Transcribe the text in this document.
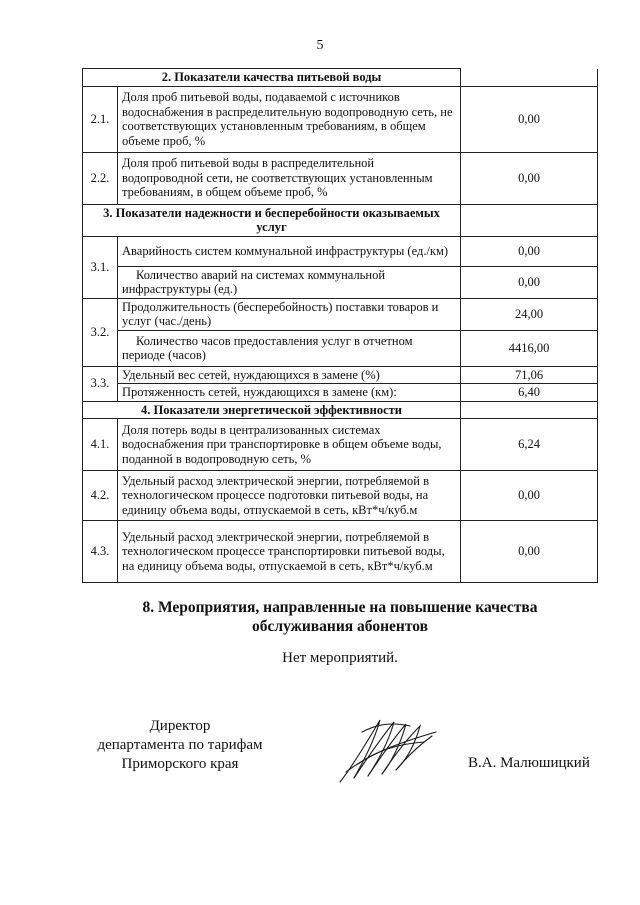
5
2. Показатели качества питьевой воды		
2.1.	Доля проб питьевой воды, подаваемой с источников водоснабжения в распределительную водопроводную сеть, не соответствующих установленным требованиям, в общем объеме проб, %	0,00
2.2.	Доля проб питьевой воды в распределительной водопроводной сети, не соответствующих установленным требованиям, в общем объеме проб, %	0,00
3. Показатели надежности и бесперебойности оказываемых услуг		
3.1.	Аварийность систем коммунальной инфраструктуры (ед./км)	0,00
	Количество аварий на системах коммунальной инфраструктуры (ед.)	0,00
3.2.	Продолжительность (бесперебойность) поставки товаров и услуг (час./день)	24,00
	Количество часов предоставления услуг в отчетном периоде (часов)	4416,00
3.3.	Удельный вес сетей, нуждающихся в замене (%)	71,06
	Протяженность сетей, нуждающихся в замене (км):	6,40
4. Показатели энергетической эффективности		
4.1.	Доля потерь воды в централизованных системах водоснабжения при транспортировке в общем объеме воды, поданной в водопроводную сеть, %	6,24
4.2.	Удельный расход электрической энергии, потребляемой в технологическом процессе подготовки питьевой воды, на единицу объема воды, отпускаемой в сеть, кВт*ч/куб.м	0,00
4.3.	Удельный расход электрической энергии, потребляемой в технологическом процессе транспортировки питьевой воды, на единицу объема воды, отпускаемой в сеть, кВт*ч/куб.м	0,00
8. Мероприятия, направленные на повышение качества
обслуживания абонентов
Нет мероприятий.
Директор
департамента по тарифам
Приморского края	В.А. Малюшицкий
